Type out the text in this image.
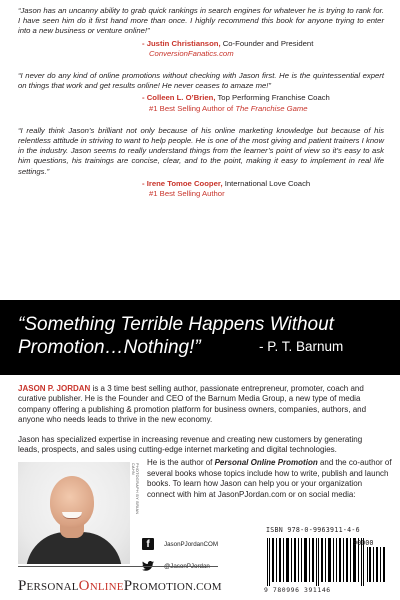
“Jason has an uncanny ability to grab quick rankings in search engines for whatever he is trying to rank for. I have seen him do it first hand more than once. I highly recommend this book for anyone trying to enter into a new business or venture online!”

- Justin Christianson, Co-Founder and President
ConversionFanatics.com

“I never do any kind of online promotions without checking with Jason first. He is the quintessential expert on things that work and get results online! He never ceases to amaze me!”

- Colleen L. O’Brien, Top Performing Franchise Coach
#1 Best Selling Author of The Franchise Game

“I really think Jason’s brilliant not only because of his online marketing knowledge but because of his relentless attitude in striving to want to help people. He is one of the most giving and patient trainers I know in the industry. Jason seems to really understand things from the learner’s point of view so it’s easy to ask him questions, his trainings are concise, clear, and to the point, making it easy to implement in real life settings.”

- Irene Tomoe Cooper, International Love Coach
#1 Best Selling Author
“Something Terrible Happens Without Promotion…Nothing!”	- P. T. Barnum

JASON P. JORDAN is a 3 time best selling author, passionate entrepreneur, promoter, coach and curative publisher. He is the Founder and CEO of the Barnum Media Group, a new type of media company offering a publishing & promotion platform for business owners, companies, authors, and anyone who needs leads to thrive in the new economy.

Jason has specialized expertise in increasing revenue and creating new customers by generating leads, prospects, and sales using cutting-edge internet marketing and digital technologies.

PHOTOGRAPH BY BRIAN CAHN
He is the author of Personal Online Promotion and the co-author of several books whose topics include how to write, publish and launch books. To learn how Jason can help you or your organization connect with him at JasonPJordan.com or on social media:
f	JasonPJordanCOM
@JasonPJordan
PERSONALONLINEPROMOTION.COM
ISBN 978-0-9963911-4-6
90000
9 780996 391146
